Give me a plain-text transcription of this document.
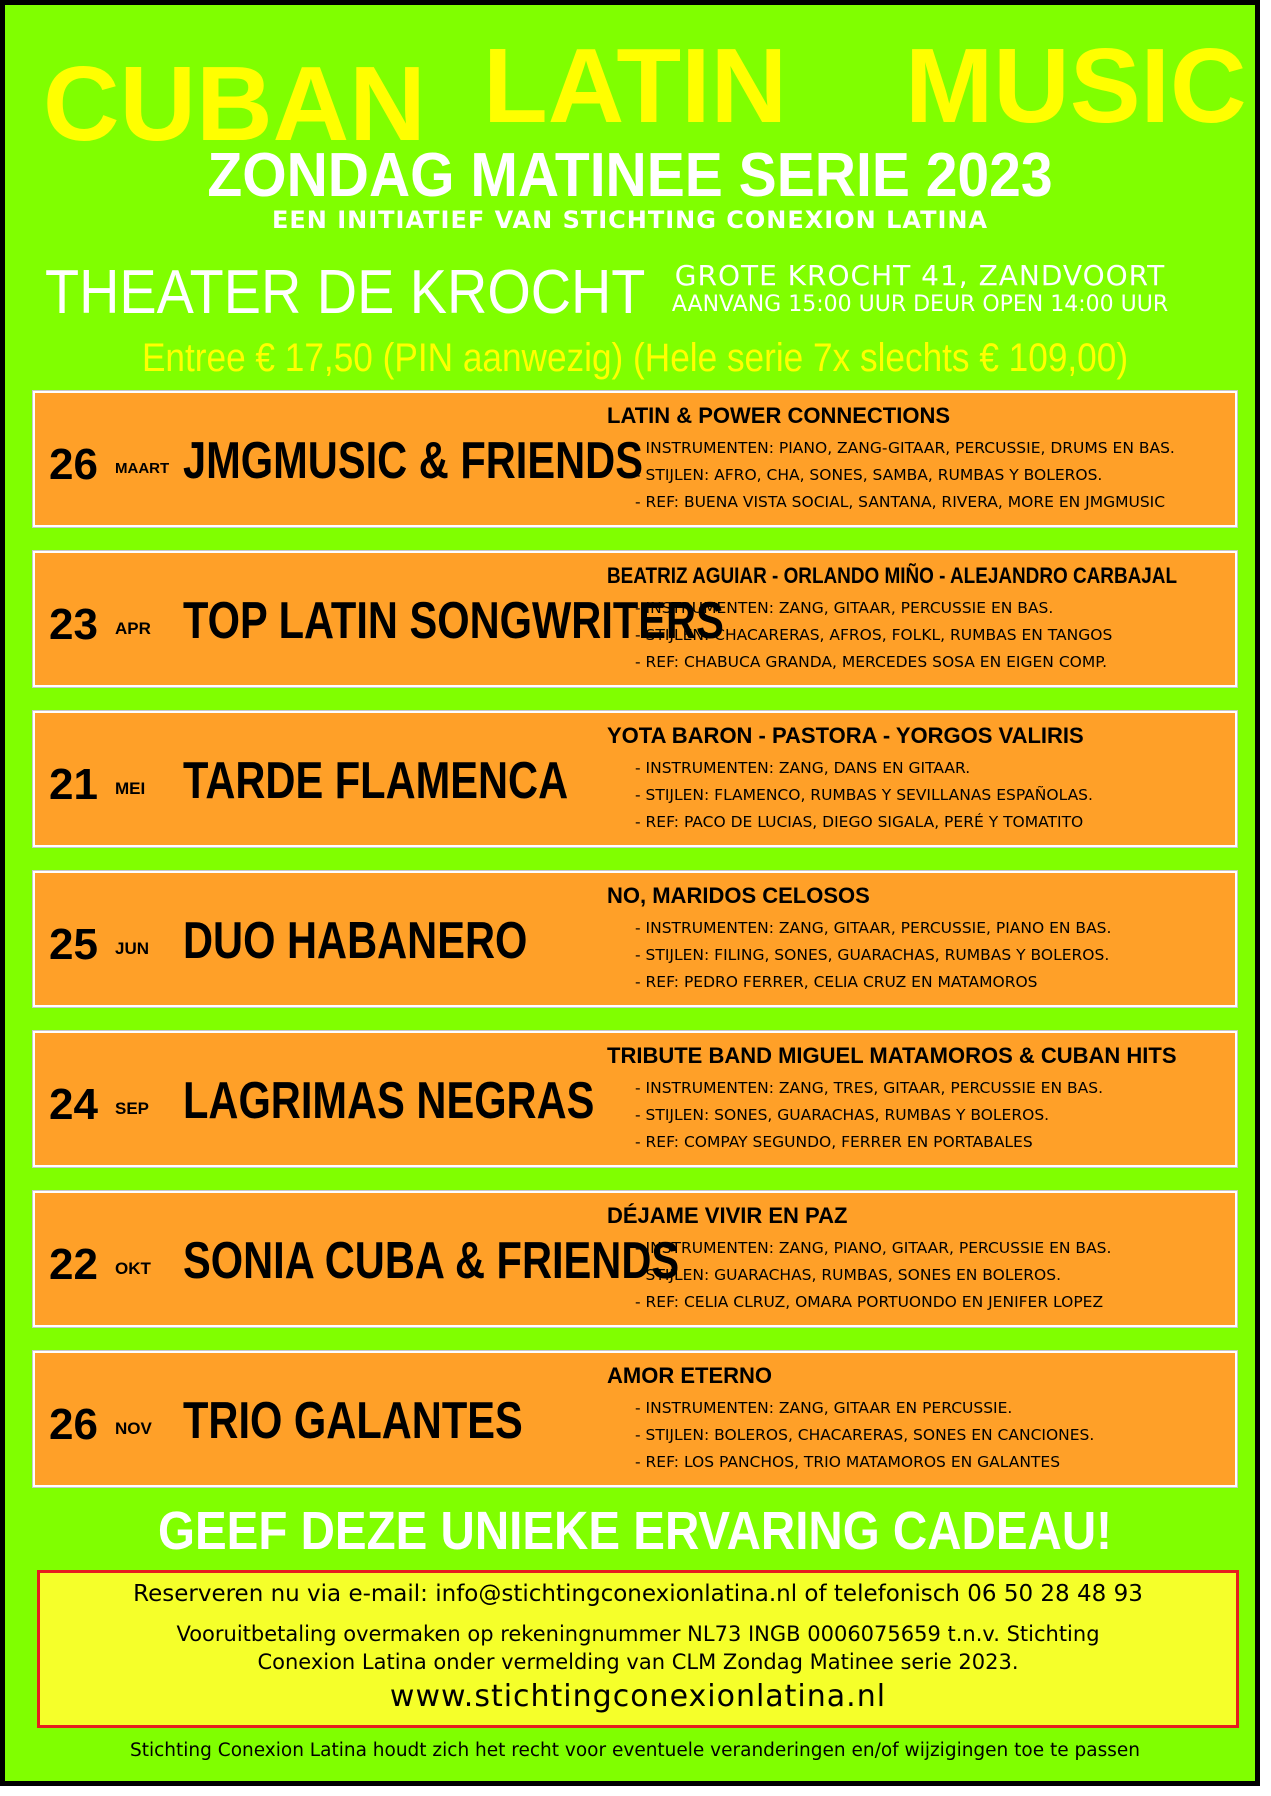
CUBAN LATIN MUSIC
ZONDAG MATINEE SERIE 2023
EEN INITIATIEF VAN STICHTING CONEXION LATINA
THEATER DE KROCHT	GROTE KROCHT 41, ZANDVOORT
AANVANG 15:00 UUR DEUR OPEN 14:00 UUR
Entree € 17,50 (PIN aanwezig) (Hele serie 7x slechts € 109,00)
26 MAART JMGMUSIC & FRIENDS
LATIN & POWER CONNECTIONS
- INSTRUMENTEN: PIANO, ZANG-GITAAR, PERCUSSIE, DRUMS EN BAS.
- STIJLEN: AFRO, CHA, SONES, SAMBA, RUMBAS Y BOLEROS.
- REF: BUENA VISTA SOCIAL, SANTANA, RIVERA, MORE EN JMGMUSIC
23 APR TOP LATIN SONGWRITERS
BEATRIZ AGUIAR - ORLANDO MIÑO - ALEJANDRO CARBAJAL
- INSTRUMENTEN: ZANG, GITAAR, PERCUSSIE EN BAS.
- STIJLEN: CHACARERAS, AFROS, FOLKL, RUMBAS EN TANGOS
- REF: CHABUCA GRANDA, MERCEDES SOSA EN EIGEN COMP.
21 MEI TARDE FLAMENCA
YOTA BARON - PASTORA - YORGOS VALIRIS
- INSTRUMENTEN: ZANG, DANS EN GITAAR.
- STIJLEN: FLAMENCO, RUMBAS Y SEVILLANAS ESPAÑOLAS.
- REF: PACO DE LUCIAS, DIEGO SIGALA, PERÉ Y TOMATITO
25 JUN DUO HABANERO
NO, MARIDOS CELOSOS
- INSTRUMENTEN: ZANG, GITAAR, PERCUSSIE, PIANO EN BAS.
- STIJLEN: FILING, SONES, GUARACHAS, RUMBAS Y BOLEROS.
- REF: PEDRO FERRER, CELIA CRUZ EN MATAMOROS
24 SEP LAGRIMAS NEGRAS
TRIBUTE BAND MIGUEL MATAMOROS & CUBAN HITS
- INSTRUMENTEN: ZANG, TRES, GITAAR, PERCUSSIE EN BAS.
- STIJLEN: SONES, GUARACHAS, RUMBAS Y BOLEROS.
- REF: COMPAY SEGUNDO, FERRER EN PORTABALES
22 OKT SONIA CUBA & FRIENDS
DÉJAME VIVIR EN PAZ
- INSTRUMENTEN: ZANG, PIANO, GITAAR, PERCUSSIE EN BAS.
- STIJLEN: GUARACHAS, RUMBAS, SONES EN BOLEROS.
- REF: CELIA CLRUZ, OMARA PORTUONDO EN JENIFER LOPEZ
26 NOV TRIO GALANTES
AMOR ETERNO
- INSTRUMENTEN: ZANG, GITAAR EN PERCUSSIE.
- STIJLEN: BOLEROS, CHACARERAS, SONES EN CANCIONES.
- REF: LOS PANCHOS, TRIO MATAMOROS EN GALANTES
GEEF DEZE UNIEKE ERVARING CADEAU!
Reserveren nu via e-mail: info@stichtingconexionlatina.nl of telefonisch 06 50 28 48 93
Vooruitbetaling overmaken op rekeningnummer NL73 INGB 0006075659 t.n.v. Stichting
Conexion Latina onder vermelding van CLM Zondag Matinee serie 2023.
www.stichtingconexionlatina.nl
Stichting Conexion Latina houdt zich het recht voor eventuele veranderingen en/of wijzigingen toe te passen
